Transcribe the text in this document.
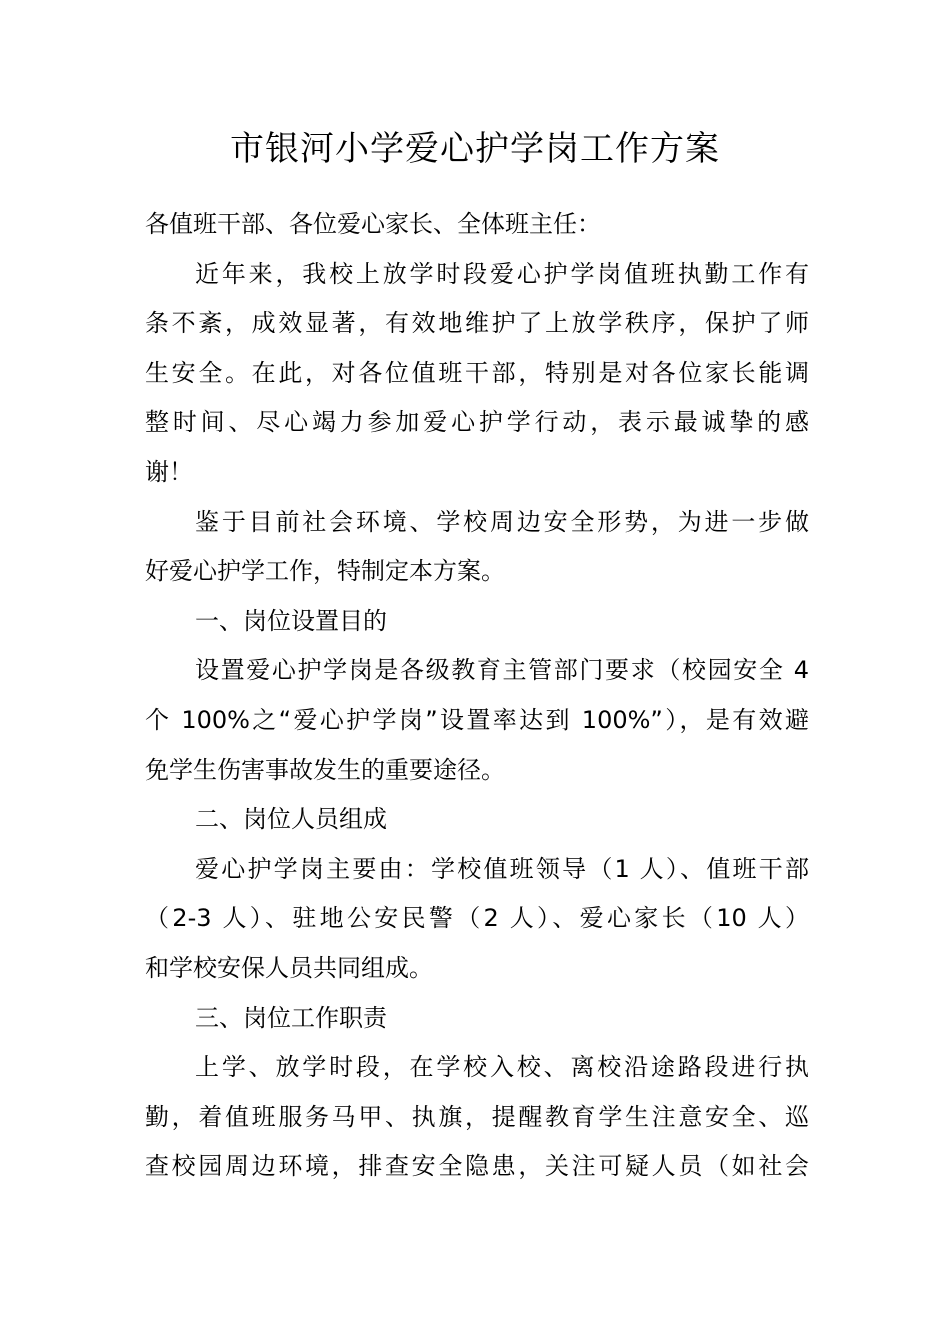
市银河小学爱心护学岗工作方案
各值班干部、各位爱心家长、全体班主任：
近年来，我校上放学时段爱心护学岗值班执勤工作有
条不紊，成效显著，有效地维护了上放学秩序，保护了师
生安全。在此，对各位值班干部，特别是对各位家长能调
整时间、尽心竭力参加爱心护学行动，表示最诚挚的感
谢！
鉴于目前社会环境、学校周边安全形势，为进一步做
好爱心护学工作，特制定本方案。
一、岗位设置目的
设置爱心护学岗是各级教育主管部门要求（校园安全 4
个 100%之“爱心护学岗”设置率达到 100%”），是有效避
免学生伤害事故发生的重要途径。
二、岗位人员组成
爱心护学岗主要由：学校值班领导（1 人）、值班干部
（2-3 人）、驻地公安民警（2 人）、爱心家长（10 人）
和学校安保人员共同组成。
三、岗位工作职责
上学、放学时段，在学校入校、离校沿途路段进行执
勤，着值班服务马甲、执旗，提醒教育学生注意安全、巡
查校园周边环境，排查安全隐患，关注可疑人员（如社会
